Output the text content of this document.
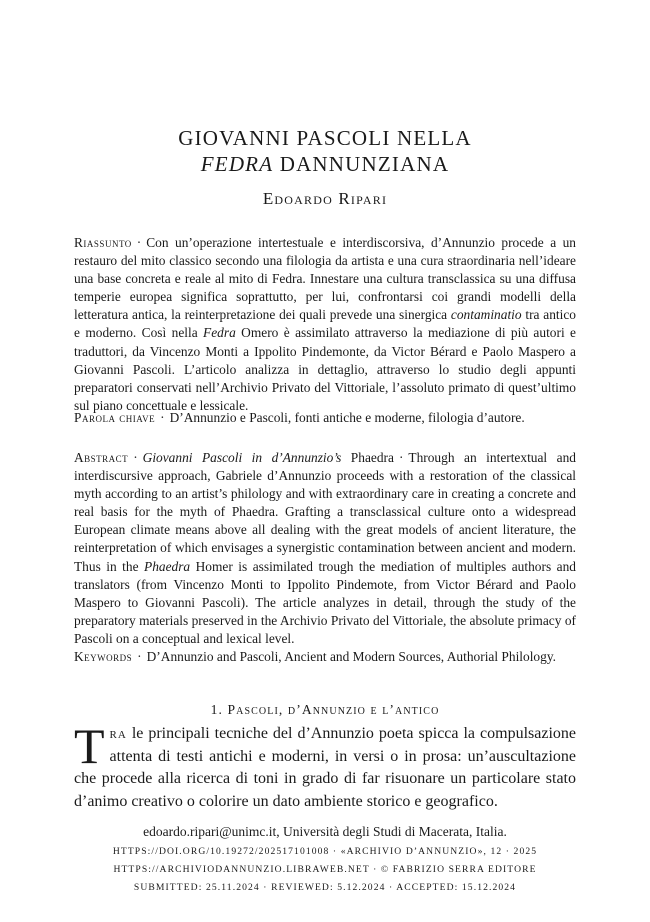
GIOVANNI PASCOLI NELLA
FEDRA DANNUNZIANA
Edoardo Ripari
Riassunto · Con un’operazione intertestuale e interdiscorsiva, d’Annunzio procede a un restauro del mito classico secondo una filologia da artista e una cura straordinaria nell’ideare una base concreta e reale al mito di Fedra. Innestare una cultura transclassica su una diffusa temperie europea significa soprattutto, per lui, confrontarsi coi grandi modelli della letteratura antica, la reinterpretazione dei quali prevede una sinergica contaminatio tra antico e moderno. Così nella Fedra Omero è assimilato attraverso la mediazione di più autori e traduttori, da Vincenzo Monti a Ippolito Pindemonte, da Victor Bérard e Paolo Maspero a Giovanni Pascoli. L’articolo analizza in dettaglio, attraverso lo studio degli appunti preparatori conservati nell’Archivio Privato del Vittoriale, l’assoluto primato di quest’ultimo sul piano concettuale e lessicale.
Parola chiave · D’Annunzio e Pascoli, fonti antiche e moderne, filologia d’autore.
Abstract · Giovanni Pascoli in d’Annunzio’s Phaedra · Through an intertextual and interdiscursive approach, Gabriele d’Annunzio proceeds with a restoration of the classical myth according to an artist’s philology and with extraordinary care in creating a concrete and real basis for the myth of Phaedra. Grafting a transclassical culture onto a widespread European climate means above all dealing with the great models of ancient literature, the reinterpretation of which envisages a synergistic contamination between ancient and modern. Thus in the Phaedra Homer is assimilated trough the mediation of multiples authors and translators (from Vincenzo Monti to Ippolito Pindemote, from Victor Bérard and Paolo Maspero to Giovanni Pascoli). The article analyzes in detail, through the study of the preparatory materials preserved in the Archivio Privato del Vittoriale, the absolute primacy of Pascoli on a conceptual and lexical level.
Keywords · D’Annunzio and Pascoli, Ancient and Modern Sources, Authorial Philology.
1. Pascoli, d’Annunzio e l’antico
Tra le principali tecniche del d’Annunzio poeta spicca la compulsazione attenta di testi antichi e moderni, in versi o in prosa: un’auscultazione che procede alla ricerca di toni in grado di far risuonare un particolare stato d’animo creativo o colorire un dato ambiente storico e geografico.
edoardo.ripari@unimc.it, Università degli Studi di Macerata, Italia.
HTTPS://DOI.ORG/10.19272/202517101008 · «ARCHIVIO D’ANNUNZIO», 12 · 2025
HTTPS://ARCHIVIODANNUNZIO.LIBRAWEB.NET · © FABRIZIO SERRA EDITORE
SUBMITTED: 25.11.2024 · REVIEWED: 5.12.2024 · ACCEPTED: 15.12.2024
